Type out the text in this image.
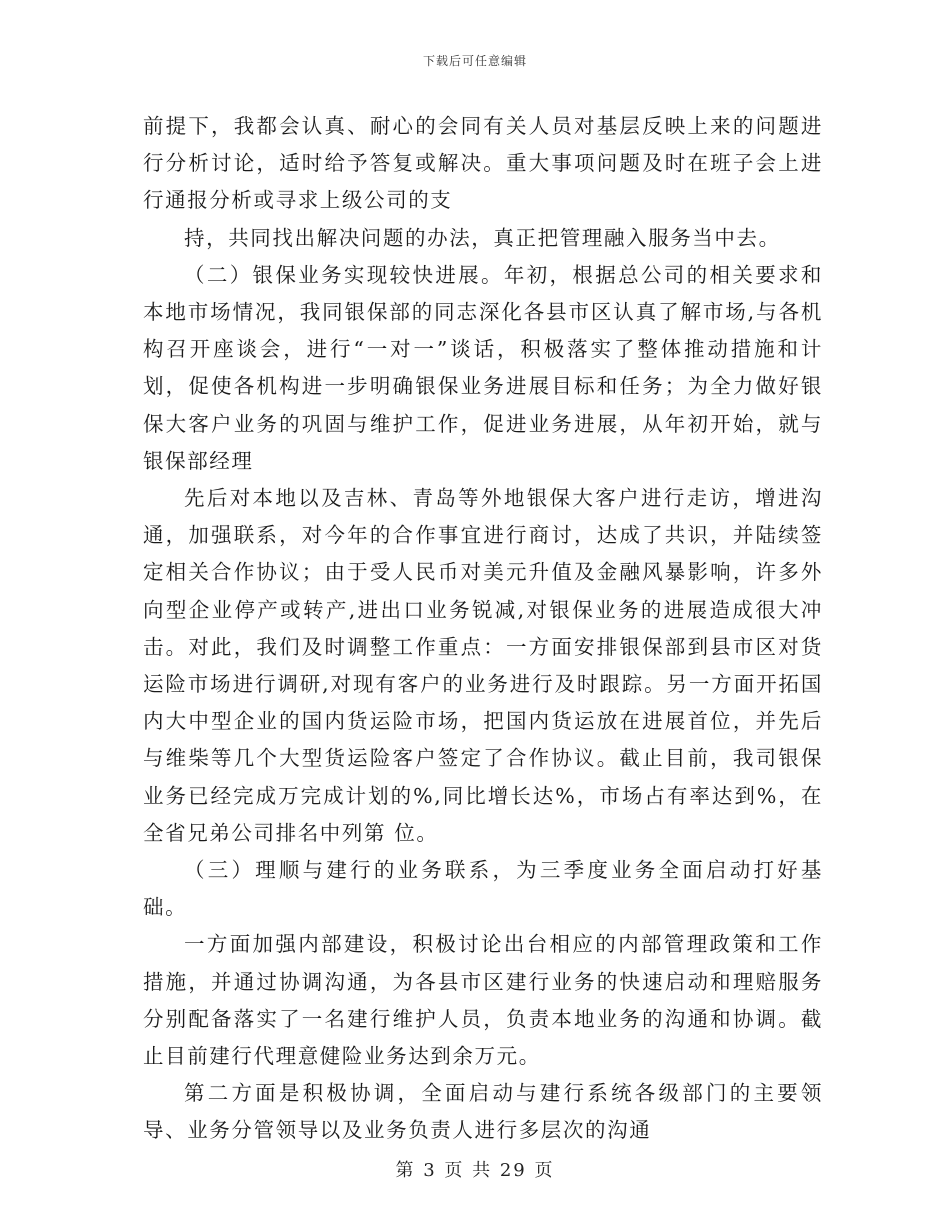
下载后可任意编辑

前提下，我都会认真、耐心的会同有关人员对基层反映上来的问题进行分析讨论，适时给予答复或解决。重大事项问题及时在班子会上进行通报分析或寻求上级公司的支

持，共同找出解决问题的办法，真正把管理融入服务当中去。

（二）银保业务实现较快进展。年初，根据总公司的相关要求和本地市场情况，我同银保部的同志深化各县市区认真了解市场,与各机构召开座谈会，进行“一对一”谈话，积极落实了整体推动措施和计划，促使各机构进一步明确银保业务进展目标和任务；为全力做好银保大客户业务的巩固与维护工作，促进业务进展，从年初开始，就与银保部经理

先后对本地以及吉林、青岛等外地银保大客户进行走访，增进沟通，加强联系，对今年的合作事宜进行商讨，达成了共识，并陆续签定相关合作协议；由于受人民币对美元升值及金融风暴影响，许多外向型企业停产或转产,进出口业务锐减,对银保业务的进展造成很大冲击。对此，我们及时调整工作重点：一方面安排银保部到县市区对货运险市场进行调研,对现有客户的业务进行及时跟踪。另一方面开拓国内大中型企业的国内货运险市场，把国内货运放在进展首位，并先后与维柴等几个大型货运险客户签定了合作协议。截止目前，我司银保业务已经完成万完成计划的%,同比增长达%，市场占有率达到%，在全省兄弟公司排名中列第 位。

（三）理顺与建行的业务联系，为三季度业务全面启动打好基础。

一方面加强内部建设，积极讨论出台相应的内部管理政策和工作措施，并通过协调沟通，为各县市区建行业务的快速启动和理赔服务分别配备落实了一名建行维护人员，负责本地业务的沟通和协调。截止目前建行代理意健险业务达到余万元。

第二方面是积极协调，全面启动与建行系统各级部门的主要领导、业务分管领导以及业务负责人进行多层次的沟通

第 3 页 共 29 页
